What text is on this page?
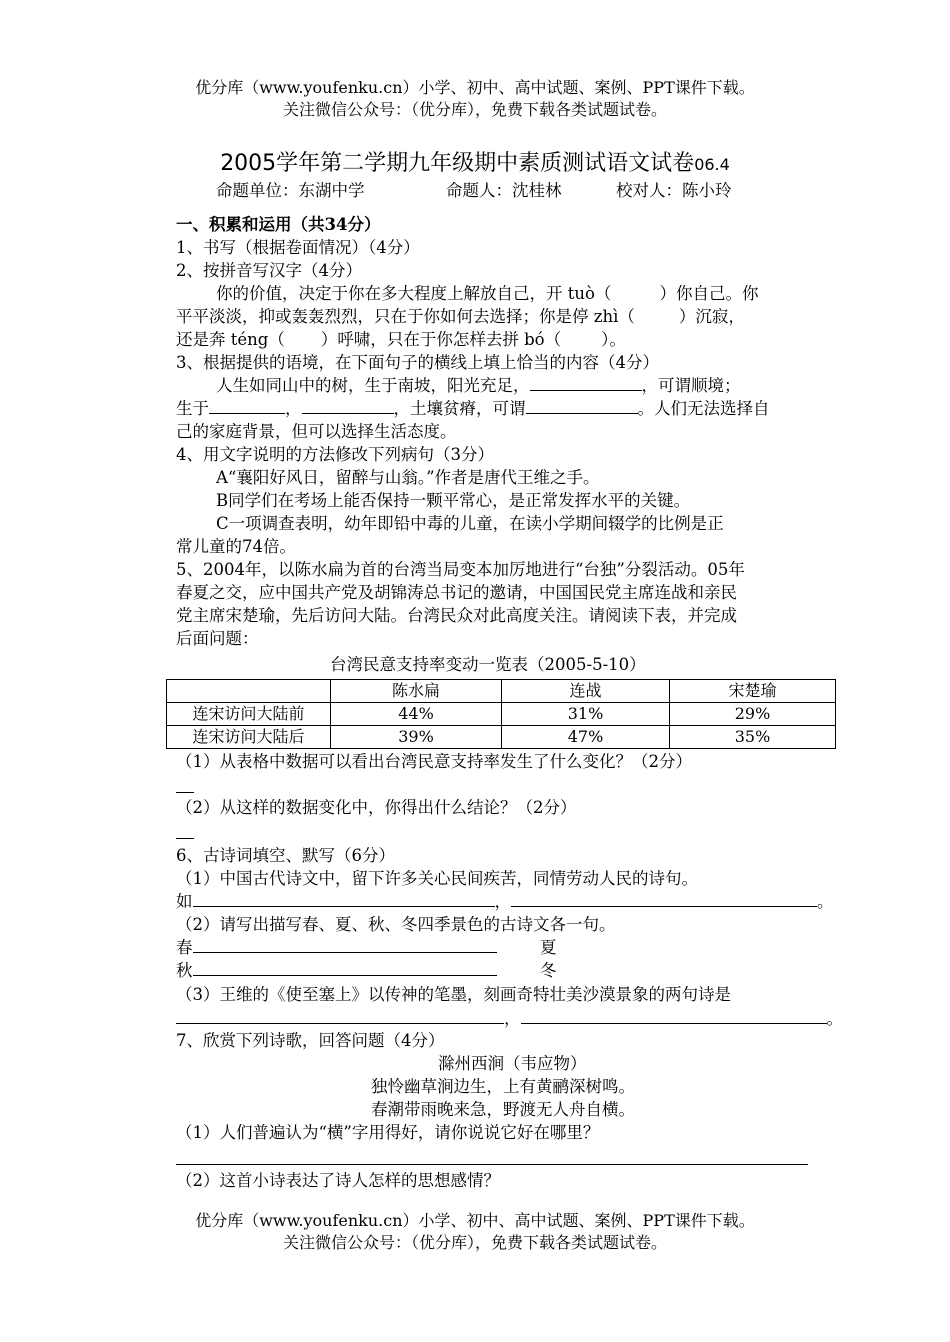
优分库（www.youfenku.cn）小学、初中、高中试题、案例、PPT课件下载。
关注微信公众号：（优分库），免费下载各类试题试卷。
2005学年第二学期九年级期中素质测试语文试卷06.4
命题单位：东湖中学	命题人：沈桂林	校对人：陈小玲
一、积累和运用（共34分）
1、书写（根据卷面情况）（4分）
2、按拼音写汉字（4分）
你的价值，决定于你在多大程度上解放自己，开 tuò（	）你自己。你
平平淡淡，抑或轰轰烈烈，只在于你如何去选择；你是停 zhì（	）沉寂，
还是奔 téng（ ）呼啸，只在于你怎样去拼 bó（ ）。
3、根据提供的语境，在下面句子的横线上填上恰当的内容（4分）
人生如同山中的树，生于南坡，阳光充足，	，可谓顺境；
生于	，	，土壤贫瘠，可谓	。人们无法选择自
己的家庭背景，但可以选择生活态度。
4、用文字说明的方法修改下列病句（3分）
A“襄阳好风日，留醉与山翁。”作者是唐代王维之手。
B同学们在考场上能否保持一颗平常心，是正常发挥水平的关键。
C一项调查表明，幼年即铅中毒的儿童，在读小学期间辍学的比例是正
常儿童的74倍。
5、2004年，以陈水扁为首的台湾当局变本加厉地进行“台独”分裂活动。05年
春夏之交，应中国共产党及胡锦涛总书记的邀请，中国国民党主席连战和亲民
党主席宋楚瑜，先后访问大陆。台湾民众对此高度关注。请阅读下表，并完成
后面问题：
台湾民意支持率变动一览表（2005-5-10）
	陈水扁	连战	宋楚瑜
连宋访问大陆前	44%	31%	29%
连宋访问大陆后	39%	47%	35%
（1）从表格中数据可以看出台湾民意支持率发生了什么变化？（2分）
（2）从这样的数据变化中，你得出什么结论？（2分）
6、古诗词填空、默写（6分）
（1）中国古代诗文中，留下许多关心民间疾苦，同情劳动人民的诗句。
如	，	。
（2）请写出描写春、夏、秋、冬四季景色的古诗文各一句。
春	夏
秋	冬
（3）王维的《使至塞上》以传神的笔墨，刻画奇特壮美沙漠景象的两句诗是
，	。
7、欣赏下列诗歌，回答问题（4分）
滁州西涧（韦应物）
独怜幽草涧边生，上有黄鹂深树鸣。
春潮带雨晚来急，野渡无人舟自横。
（1）人们普遍认为“横”字用得好，请你说说它好在哪里？
（2）这首小诗表达了诗人怎样的思想感情？
优分库（www.youfenku.cn）小学、初中、高中试题、案例、PPT课件下载。
关注微信公众号：（优分库），免费下载各类试题试卷。
